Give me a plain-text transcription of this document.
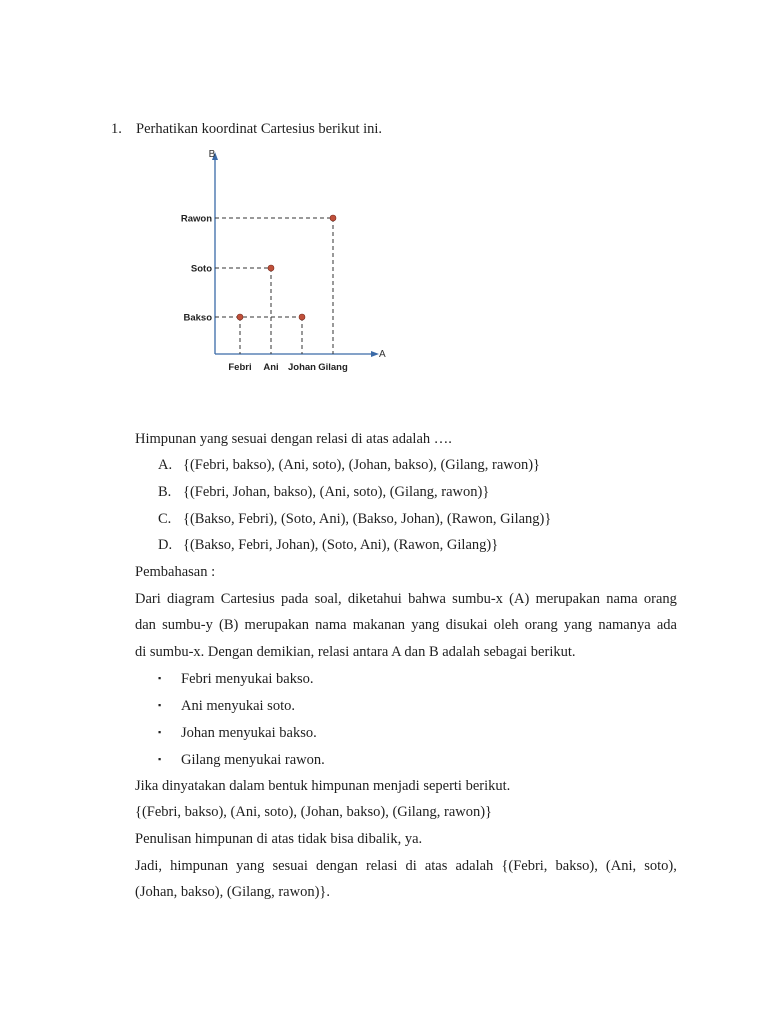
1. Perhatikan koordinat Cartesius berikut ini.
B
A
Bakso
Soto
Rawon
Febri Ani Johan Gilang
Himpunan yang sesuai dengan relasi di atas adalah ….
A. {(Febri, bakso), (Ani, soto), (Johan, bakso), (Gilang, rawon)}
B. {(Febri, Johan, bakso), (Ani, soto), (Gilang, rawon)}
C. {(Bakso, Febri), (Soto, Ani), (Bakso, Johan), (Rawon, Gilang)}
D. {(Bakso, Febri, Johan), (Soto, Ani), (Rawon, Gilang)}
Pembahasan :
Dari diagram Cartesius pada soal, diketahui bahwa sumbu-x (A) merupakan nama orang
dan sumbu-y (B) merupakan nama makanan yang disukai oleh orang yang namanya ada
di sumbu-x. Dengan demikian, relasi antara A dan B adalah sebagai berikut.
▪ Febri menyukai bakso.
▪ Ani menyukai soto.
▪ Johan menyukai bakso.
▪ Gilang menyukai rawon.
Jika dinyatakan dalam bentuk himpunan menjadi seperti berikut.
{(Febri, bakso), (Ani, soto), (Johan, bakso), (Gilang, rawon)}
Penulisan himpunan di atas tidak bisa dibalik, ya.
Jadi, himpunan yang sesuai dengan relasi di atas adalah {(Febri, bakso), (Ani, soto),
(Johan, bakso), (Gilang, rawon)}.
